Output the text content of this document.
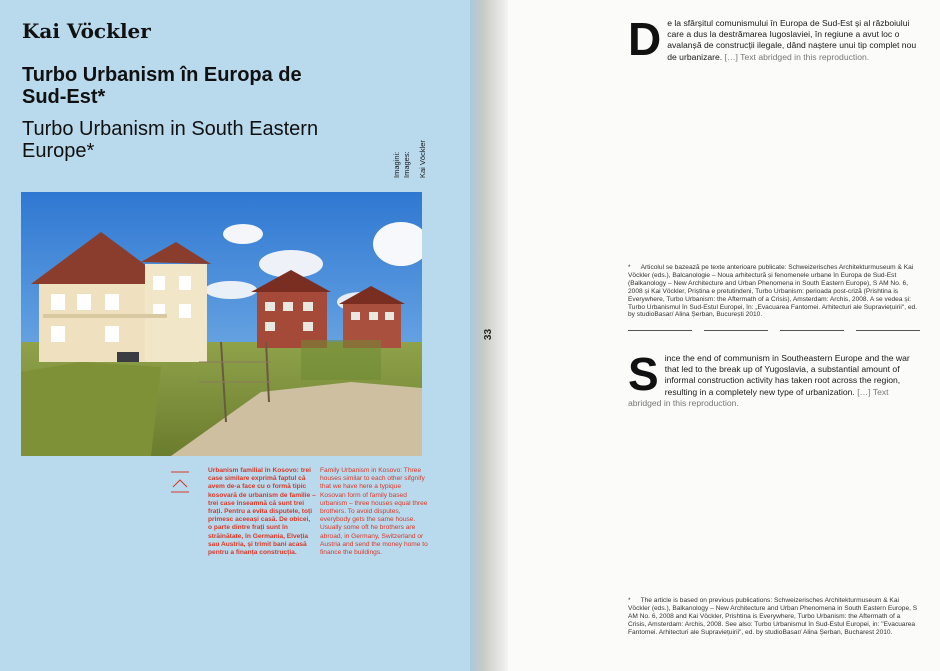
Kai Vöckler
Turbo Urbanism în Europa de Sud-Est*
Turbo Urbanism in South Eastern Europe*
Imagini: Images: Kai Vöckler
Urbanism familial în Kosovo: trei case similare exprimă faptul că avem de-a face cu o formă tipic kosovară de urbanism de familie – trei case înseamnă că sunt trei frați. Pentru a evita disputele, toți primesc aceeași casă. De obicei, o parte dintre frați sunt în străinătate, în Germania, Elveția sau Austria, și trimit bani acasă pentru a finanța construcția.
Family Urbanism in Kosovo: Three houses similar to each other sifgnify that we have here a typique Kosovan form of family based urbanism – three houses equal three brothers. To avoid disputes, everybody gets the same house. Usually some oft he brothers are abroad, in Germany, Switzerland or Austria and send the money home to finance the buildings.
33
De la sfârșitul comunismului în Europa de Sud-Est și al războiului care a dus la destrămarea Iugoslaviei, în regiune a avut loc o avalanșă de construcții ilegale, dând naștere unui tip complet nou de urbanizare. […] Text abridged in this reproduction.
* Articolul se bazează pe texte anterioare publicate: Schweizerisches Architekturmuseum & Kai Vöckler (eds.), Balcanologie – Noua arhitectură și fenomenele urbane în Europa de Sud-Est (Balkanology – New Architecture and Urban Phenomena in South Eastern Europe), S AM No. 6, 2008 și Kai Vöckler, Priștina e pretutindeni, Turbo Urbanism: perioada post-criză (Prishtina is Everywhere, Turbo Urbanism: the Aftermath of a Crisis), Amsterdam: Archis, 2008. A se vedea și: Turbo Urbanismul în Sud-Estul Europei, în: „Evacuarea Fantomei. Arhitecturi ale Supraviețuirii", ed. by studioBasar/ Alina Șerban, București 2010.
Since the end of communism in Southeastern Europe and the war that led to the break up of Yugoslavia, a substantial amount of informal construction activity has taken root across the region, resulting in a completely new type of urbanization. […] Text abridged in this reproduction.
* The article is based on previous publications: Schweizerisches Architekturmuseum & Kai Vöckler (eds.), Balkanology – New Architecture and Urban Phenomena in South Eastern Europe, S AM No. 6, 2008 and Kai Vöckler, Prishtina is Everywhere, Turbo Urbanism: the Aftermath of a Crisis, Amsterdam: Archis, 2008. See also: Turbo Urbanismul în Sud-Estul Europei, in: "Evacuarea Fantomei. Arhitecturi ale Supraviețuirii", ed. by studioBasar/ Alina Șerban, Bucharest 2010.
